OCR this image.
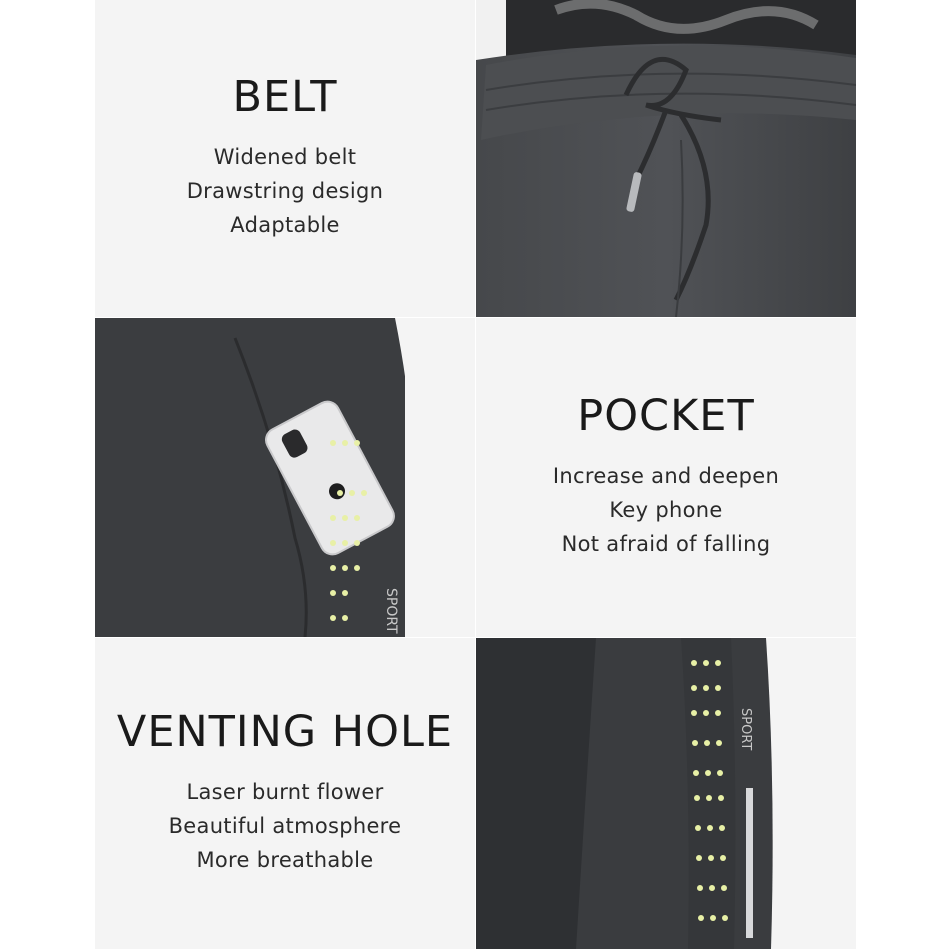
BELT
Widened belt
Drawstring design
Adaptable
SPORT
POCKET
Increase and deepen
Key phone
Not afraid of falling
VENTING HOLE
Laser burnt flower
Beautiful atmosphere
More breathable
SPORT
